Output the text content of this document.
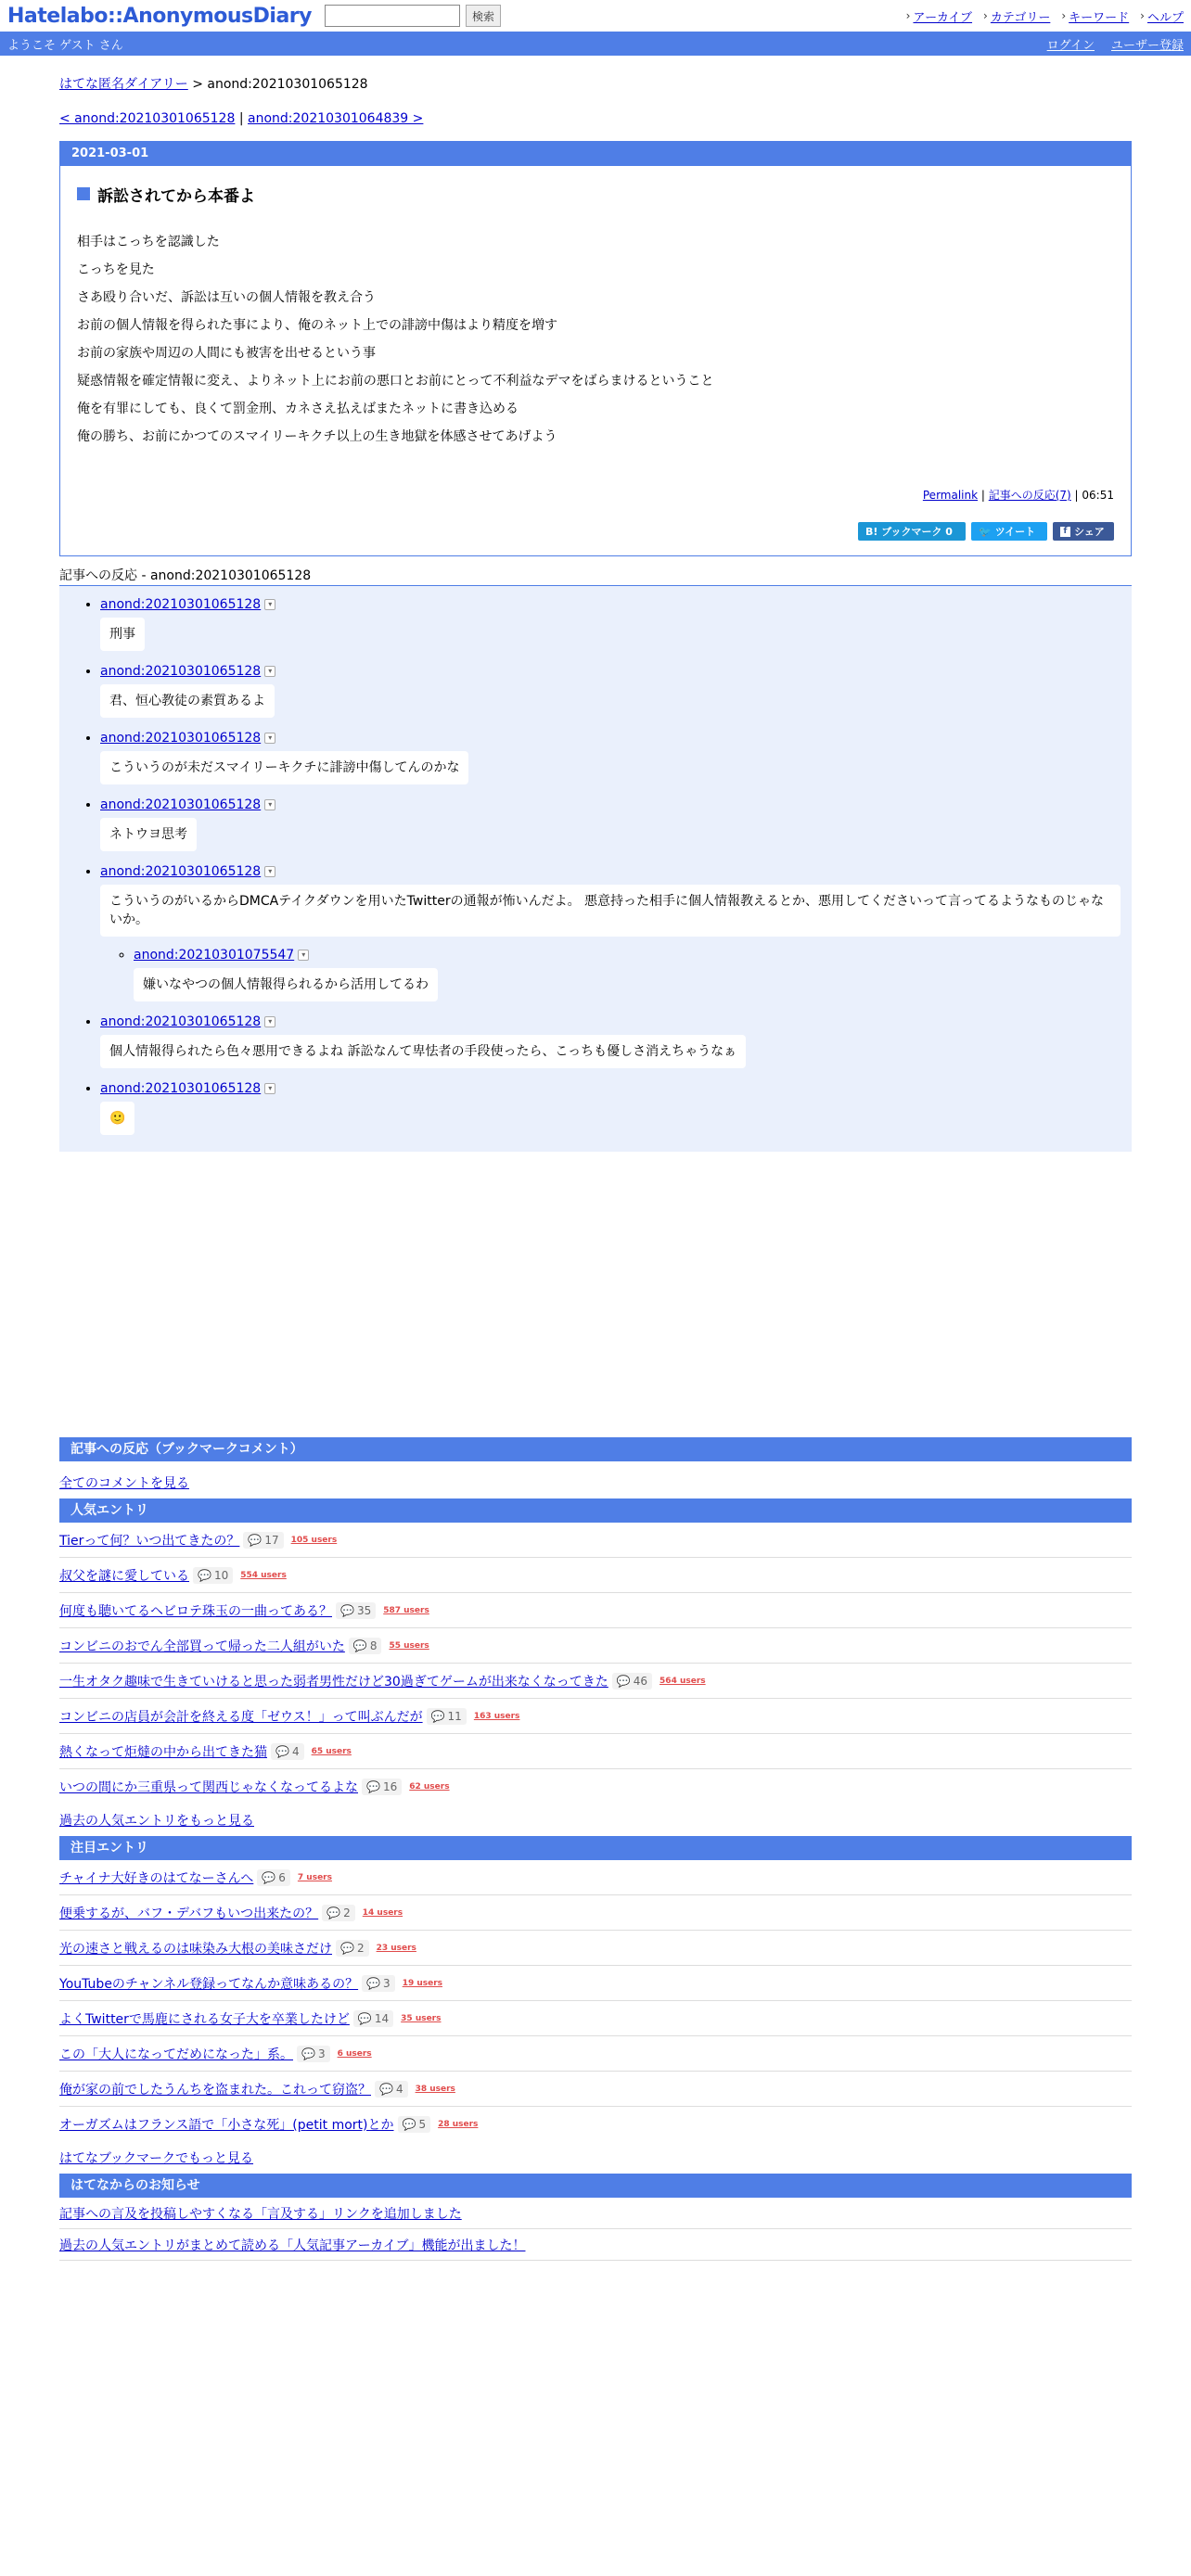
Hatelabo::AnonymousDiary	検索	› アーカイブ › カテゴリー › キーワード › ヘルプ
ようこそ ゲスト さん	ログイン ユーザー登録
はてな匿名ダイアリー > anond:20210301065128
< anond:20210301065128 | anond:20210301064839 >
2021-03-01
訴訟されてから本番よ

相手はこっちを認識した

こっちを見た

さあ殴り合いだ、訴訟は互いの個人情報を教え合う

お前の個人情報を得られた事により、俺のネット上での誹謗中傷はより精度を増す

お前の家族や周辺の人間にも被害を出せるという事

疑惑情報を確定情報に変え、よりネット上にお前の悪口とお前にとって不利益なデマをばらまけるということ

俺を有罪にしても、良くて罰金刑、カネさえ払えばまたネットに書き込める

俺の勝ち、お前にかつてのスマイリーキクチ以上の生き地獄を体感させてあげよう

Permalink | 記事への反応(7) | 06:51
B! ブックマーク 0	🐦 ツイート	f シェア
記事への反応 - anond:20210301065128
• anond:20210301065128 ▾

刑事
• anond:20210301065128 ▾

君、恒心教徒の素質あるよ
• anond:20210301065128 ▾

こういうのが未だスマイリーキクチに誹謗中傷してんのかな
• anond:20210301065128 ▾

ネトウヨ思考
• anond:20210301065128 ▾

こういうのがいるからDMCAテイクダウンを用いたTwitterの通報が怖いんだよ。 悪意持った相手に個人情報教えるとか、悪用してくださいって言ってるようなものじゃないか。
◦ anond:20210301075547 ▾

嫌いなやつの個人情報得られるから活用してるわ
• anond:20210301065128 ▾

個人情報得られたら色々悪用できるよね 訴訟なんて卑怯者の手段使ったら、こっちも優しさ消えちゃうなぁ
• anond:20210301065128 ▾

🙂
記事への反応（ブックマークコメント）
全てのコメントを見る
人気エントリ
Tierって何？いつ出てきたの？ 💬 17 105 users
叔父を謎に愛している 💬 10 554 users
何度も聴いてるヘビロテ珠玉の一曲ってある？ 💬 35 587 users
コンビニのおでん全部買って帰った二人組がいた 💬 8 55 users
一生オタク趣味で生きていけると思った弱者男性だけど30過ぎてゲームが出来なくなってきた 💬 46 564 users
コンビニの店員が会計を終える度「ゼウス！」って叫ぶんだが 💬 11 163 users
熱くなって炬燵の中から出てきた猫 💬 4 65 users
いつの間にか三重県って関西じゃなくなってるよな 💬 16 62 users
過去の人気エントリをもっと見る
注目エントリ
チャイナ大好きのはてなーさんへ 💬 6 7 users
便乗するが、バフ・デバフもいつ出来たの？ 💬 2 14 users
光の速さと戦えるのは味染み大根の美味さだけ 💬 2 23 users
YouTubeのチャンネル登録ってなんか意味あるの？ 💬 3 19 users
よくTwitterで馬鹿にされる女子大を卒業したけど 💬 14 35 users
この「大人になってだめになった」系。 💬 3 6 users
俺が家の前でしたうんちを盗まれた。これって窃盗？ 💬 4 38 users
オーガズムはフランス語で「小さな死」(petit mort)とか 💬 5 28 users
はてなブックマークでもっと見る
はてなからのお知らせ
記事への言及を投稿しやすくなる「言及する」リンクを追加しました
過去の人気エントリがまとめて読める「人気記事アーカイブ」機能が出ました！
